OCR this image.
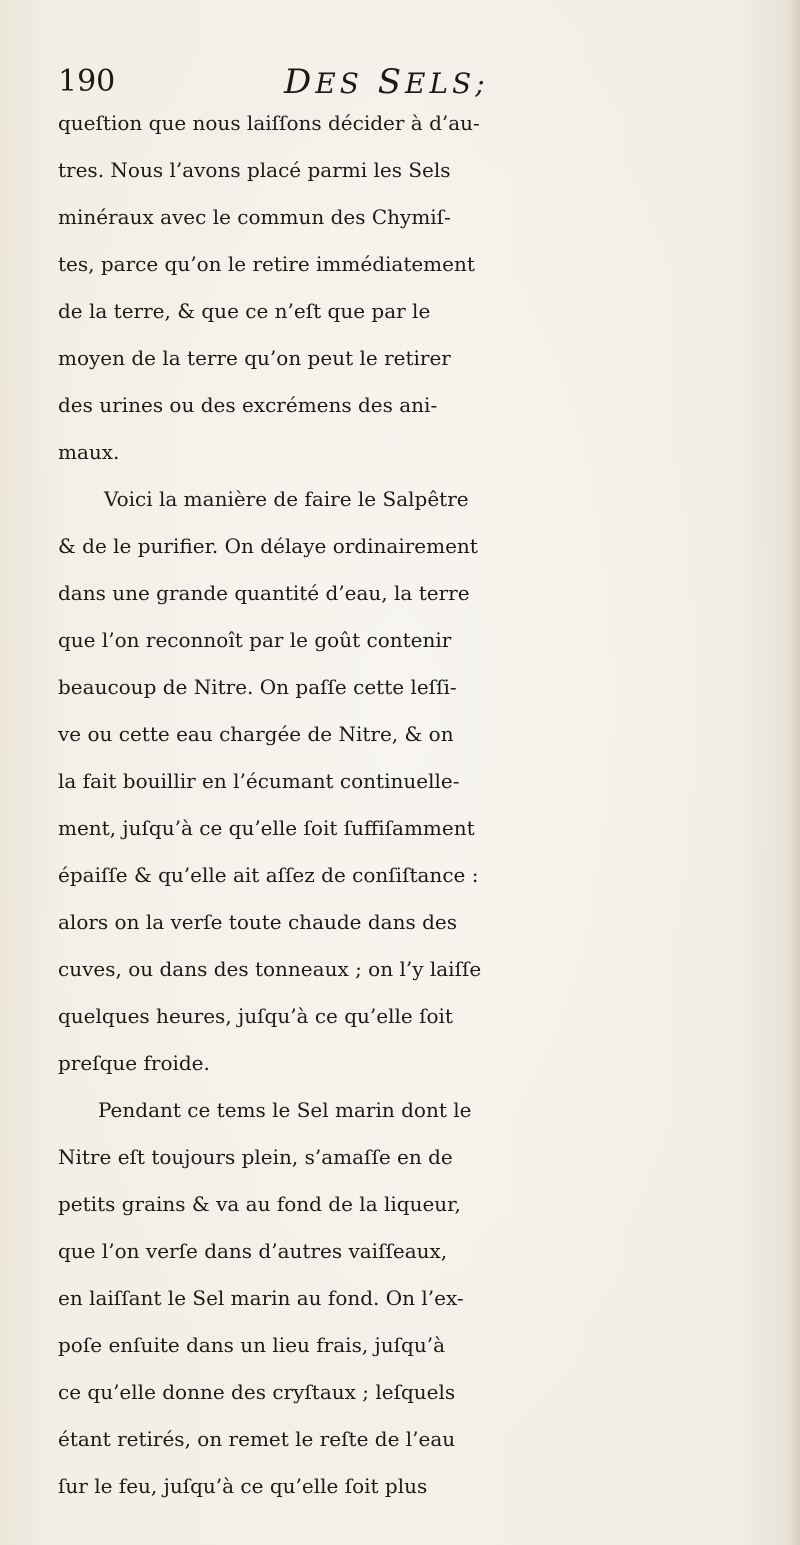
190	DES SELS;
queſtion que nous laiſſons décider à d’au-
tres. Nous l’avons placé parmi les Sels
minéraux avec le commun des Chymiſ-
tes, parce qu’on le retire immédiatement
de la terre, & que ce n’eſt que par le
moyen de la terre qu’on peut le retirer
des urines ou des excrémens des ani-
maux.
Voici la manière de faire le Salpêtre
& de le purifier. On délaye ordinairement
dans une grande quantité d’eau, la terre
que l’on reconnoît par le goût contenir
beaucoup de Nitre. On paſſe cette leſſi-
ve ou cette eau chargée de Nitre, & on
la fait bouillir en l’écumant continuelle-
ment, juſqu’à ce qu’elle ſoit ſuffiſamment
épaiſſe & qu’elle ait aſſez de conſiſtance :
alors on la verſe toute chaude dans des
cuves, ou dans des tonneaux ; on l’y laiſſe
quelques heures, juſqu’à ce qu’elle ſoit
preſque froide.
Pendant ce tems le Sel marin dont le
Nitre eſt toujours plein, s’amaſſe en de
petits grains & va au fond de la liqueur,
que l’on verſe dans d’autres vaiſſeaux,
en laiſſant le Sel marin au fond. On l’ex-
poſe enſuite dans un lieu frais, juſqu’à
ce qu’elle donne des cryſtaux ; leſquels
étant retirés, on remet le reſte de l’eau
ſur le feu, juſqu’à ce qu’elle ſoit plus
